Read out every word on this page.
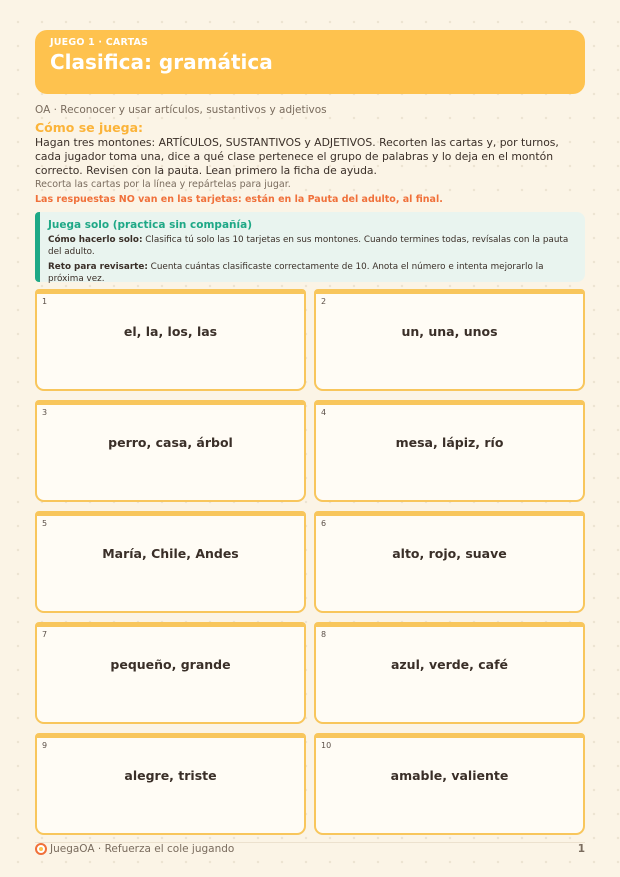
JUEGO 1 · CARTAS
Clasifica: gramática
OA · Reconocer y usar artículos, sustantivos y adjetivos
Cómo se juega:
Hagan tres montones: ARTÍCULOS, SUSTANTIVOS y ADJETIVOS. Recorten las cartas y, por turnos, cada jugador toma una, dice a qué clase pertenece el grupo de palabras y lo deja en el montón correcto. Revisen con la pauta. Lean primero la ficha de ayuda.
Recorta las cartas por la línea y repártelas para jugar.
Las respuestas NO van en las tarjetas: están en la Pauta del adulto, al final.
Juega solo (practica sin compañía)
Cómo hacerlo solo: Clasifica tú solo las 10 tarjetas en sus montones. Cuando termines todas, revísalas con la pauta del adulto.
Reto para revisarte: Cuenta cuántas clasificaste correctamente de 10. Anota el número e intenta mejorarlo la próxima vez.
1
el, la, los, las
2
un, una, unos
3
perro, casa, árbol
4
mesa, lápiz, río
5
María, Chile, Andes
6
alto, rojo, suave
7
pequeño, grande
8
azul, verde, café
9
alegre, triste
10
amable, valiente
JuegaOA · Refuerza el cole jugando	1
